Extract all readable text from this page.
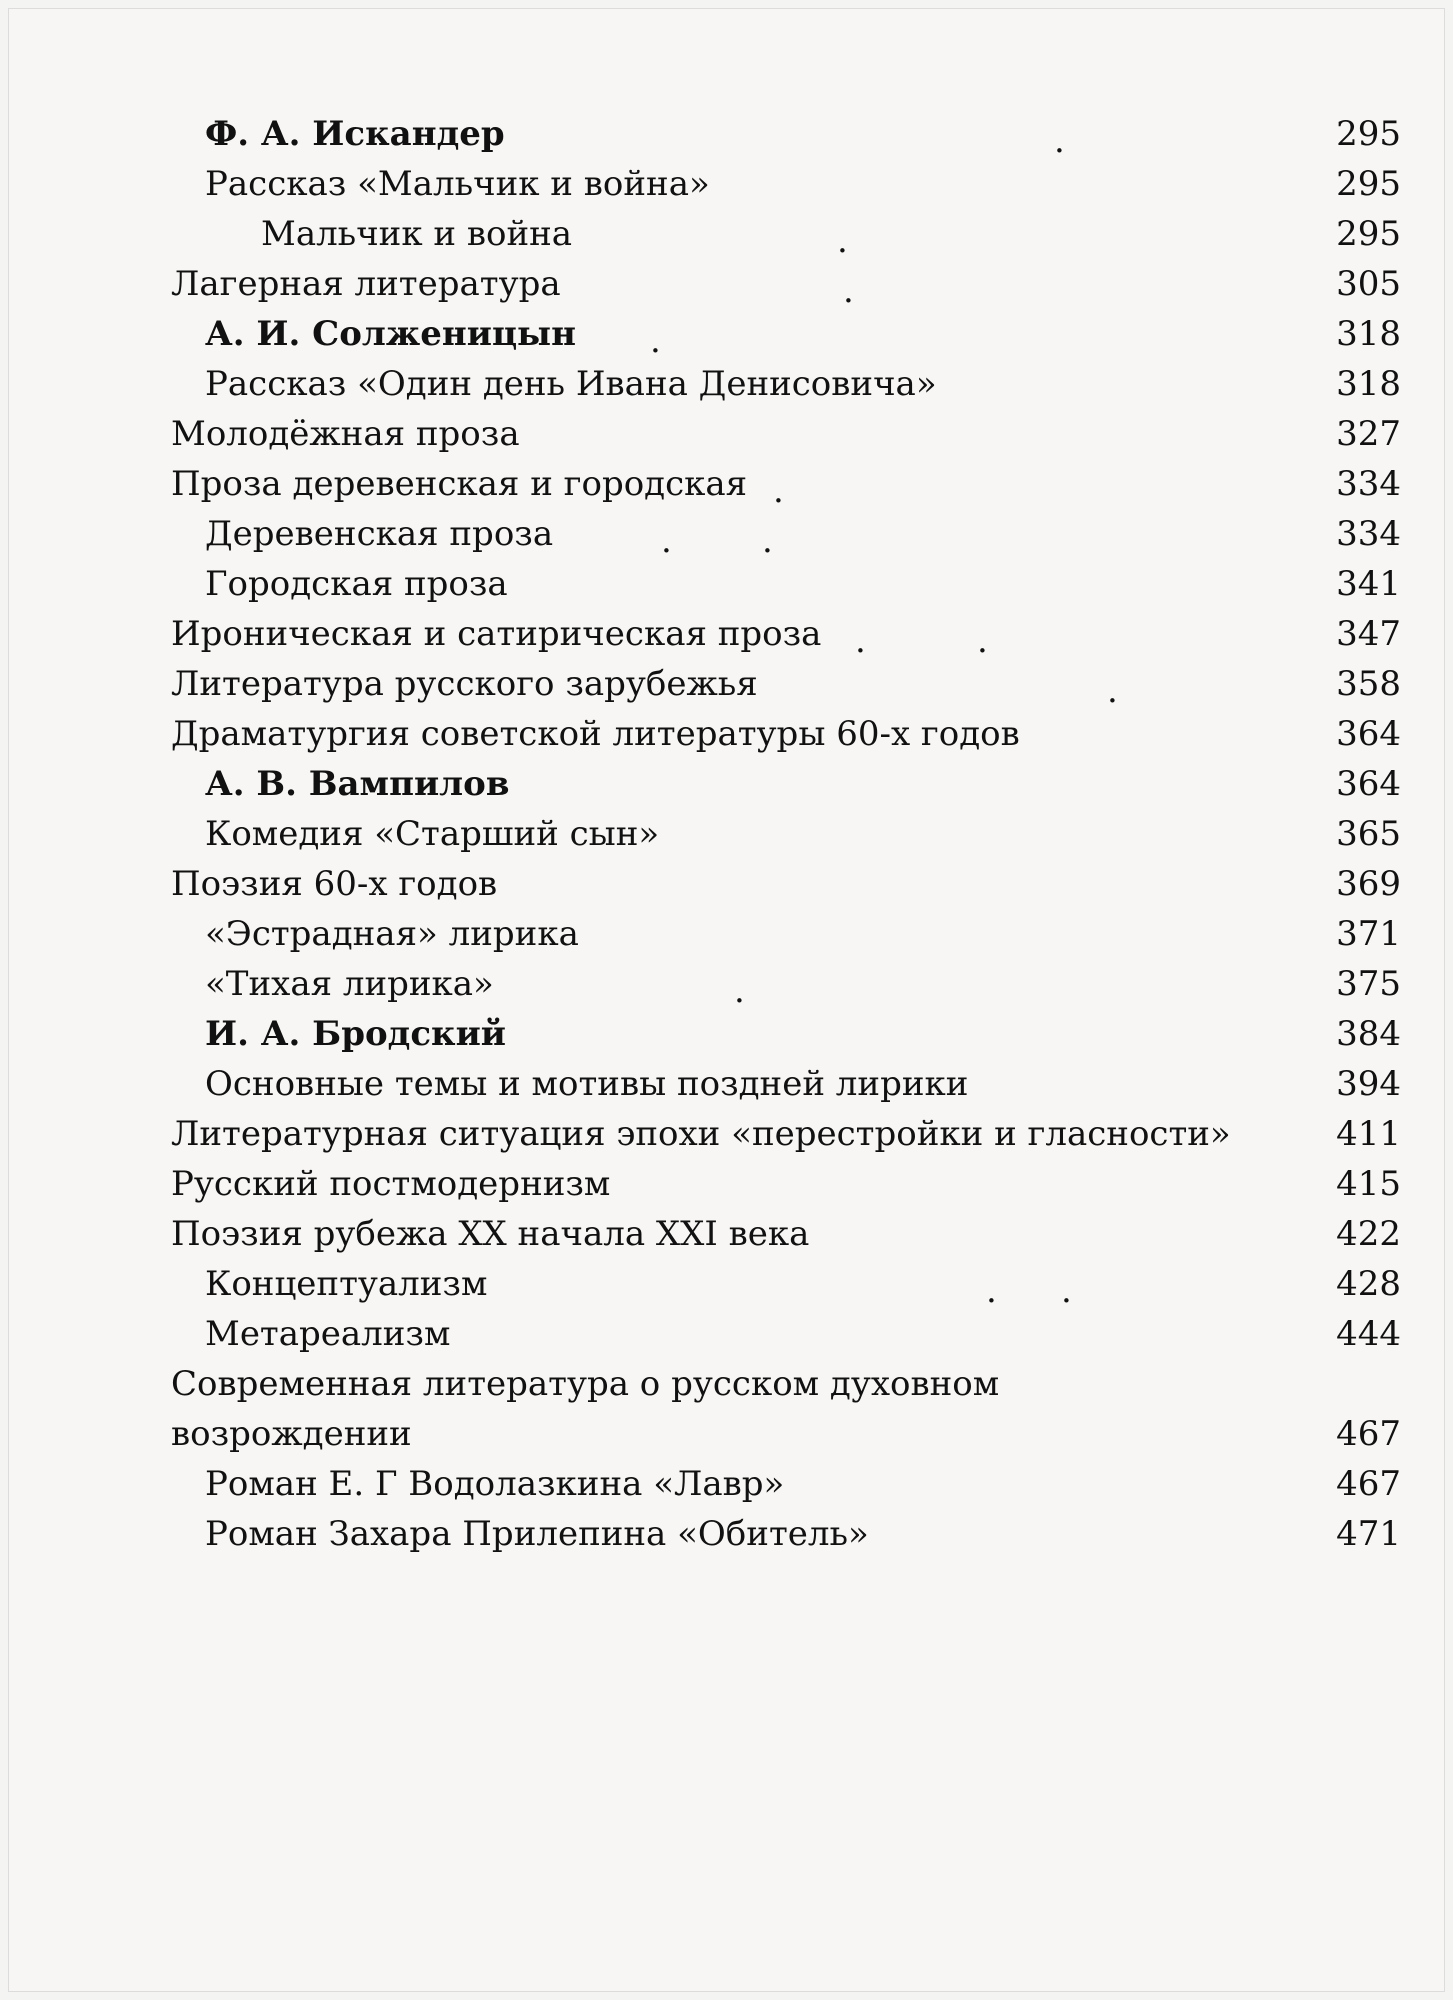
Ф. А. Искандер	295
Рассказ «Мальчик и война»	295
Мальчик и война	295
Лагерная литература	305
А. И. Солженицын	318
Рассказ «Один день Ивана Денисовича»	318
Молодёжная проза	327
Проза деревенская и городская	334
Деревенская проза	334
Городская проза	341
Ироническая и сатирическая проза	347
Литература русского зарубежья	358
Драматургия советской литературы 60-х годов	364
А. В. Вампилов	364
Комедия «Старший сын»	365
Поэзия 60-х годов	369
«Эстрадная» лирика	371
«Тихая лирика»	375
И. А. Бродский	384
Основные темы и мотивы поздней лирики	394
Литературная ситуация эпохи «перестройки и гласности»	411
Русский постмодернизм	415
Поэзия рубежа XX начала XXI века	422
Концептуализм	428
Метареализм	444
Современная литература о русском духовном
возрождении	467
Роман Е. Г Водолазкина «Лавр»	467
Роман Захара Прилепина «Обитель»	471
.
.
.
.
.
.	.
.	.
.
.
. .
